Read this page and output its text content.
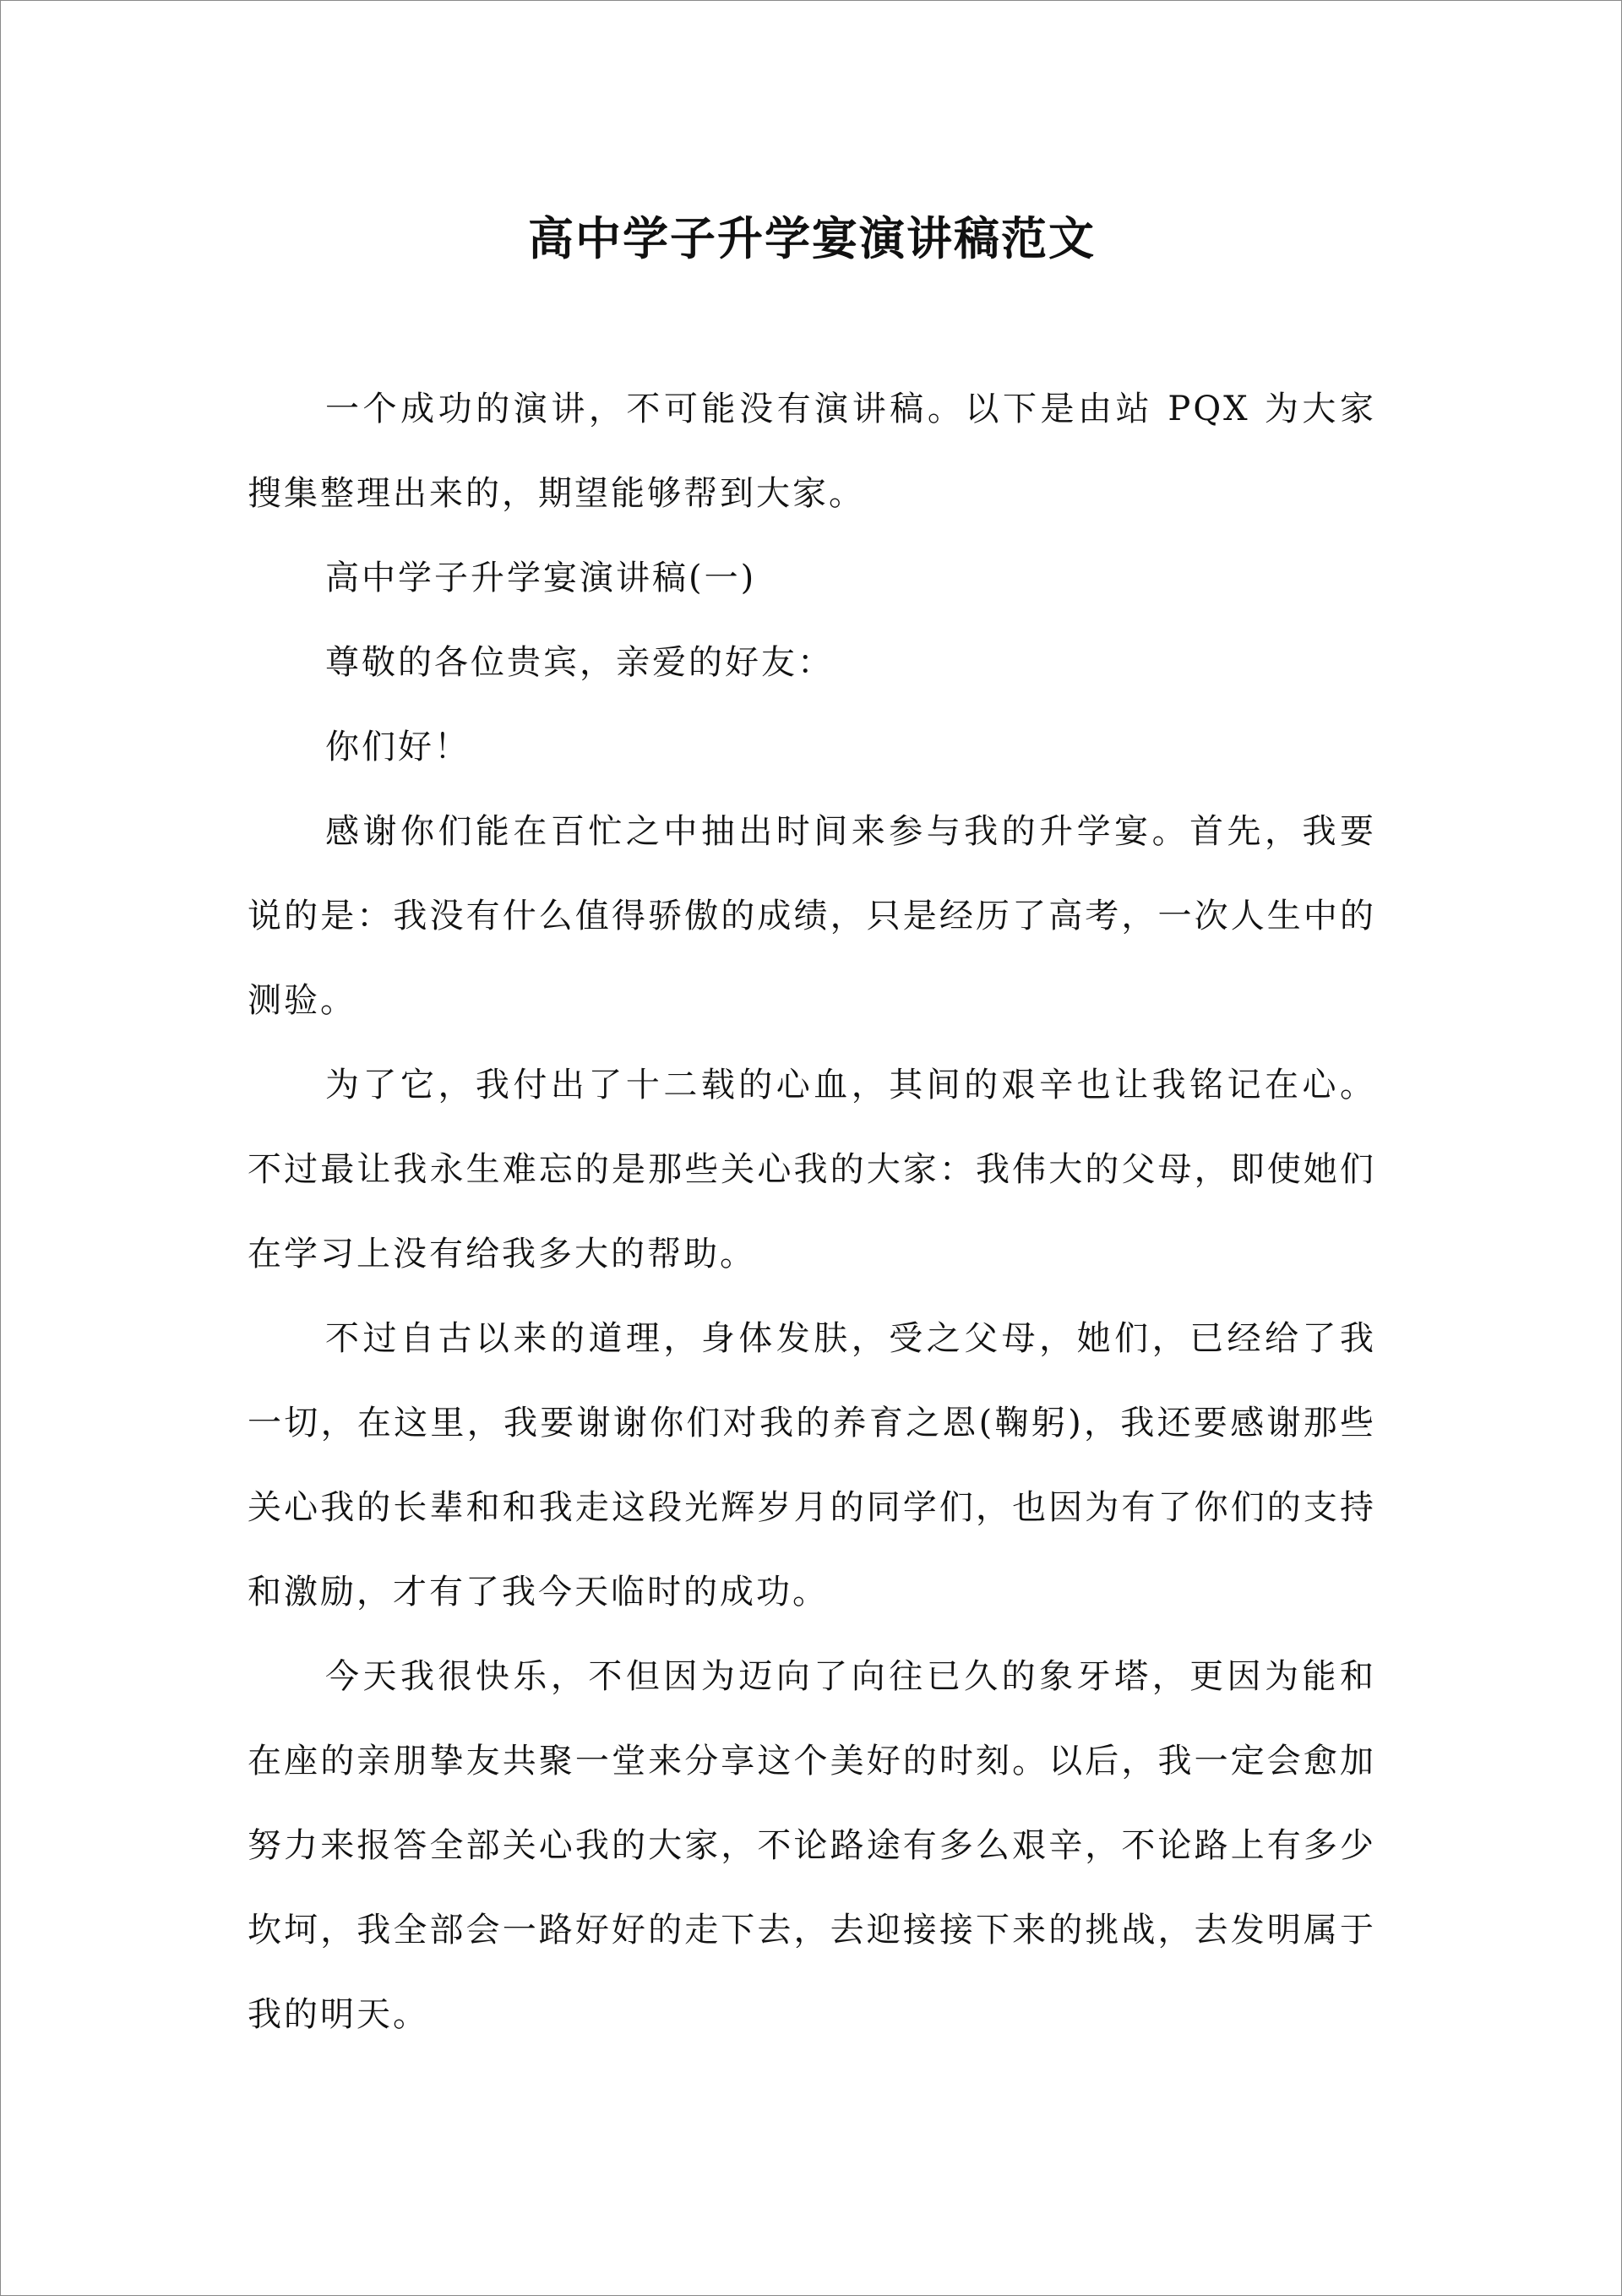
高中学子升学宴演讲稿范文

一个成功的演讲，不可能没有演讲稿。以下是由站 PQX 为大家搜集整理出来的，期望能够帮到大家。

高中学子升学宴演讲稿(一)

尊敬的各位贵宾，亲爱的好友：

你们好！

感谢你们能在百忙之中抽出时间来参与我的升学宴。首先，我要说的是：我没有什么值得骄傲的成绩，只是经历了高考，一次人生中的测验。

为了它，我付出了十二载的心血，其间的艰辛也让我铭记在心。不过最让我永生难忘的是那些关心我的大家：我伟大的父母，即使她们在学习上没有给我多大的帮助。

不过自古以来的道理，身体发肤，受之父母，她们，已经给了我一切，在这里，我要谢谢你们对我的养育之恩(鞠躬)，我还要感谢那些关心我的长辈和和我走这段光辉岁月的同学们，也因为有了你们的支持和激励，才有了我今天临时的成功。

今天我很快乐，不但因为迈向了向往已久的象牙塔，更因为能和在座的亲朋挚友共聚一堂来分享这个美好的时刻。以后，我一定会愈加努力来报答全部关心我的大家，不论路途有多么艰辛，不论路上有多少坎坷，我全部会一路好好的走下去，去迎接接下来的挑战，去发明属于我的明天。
